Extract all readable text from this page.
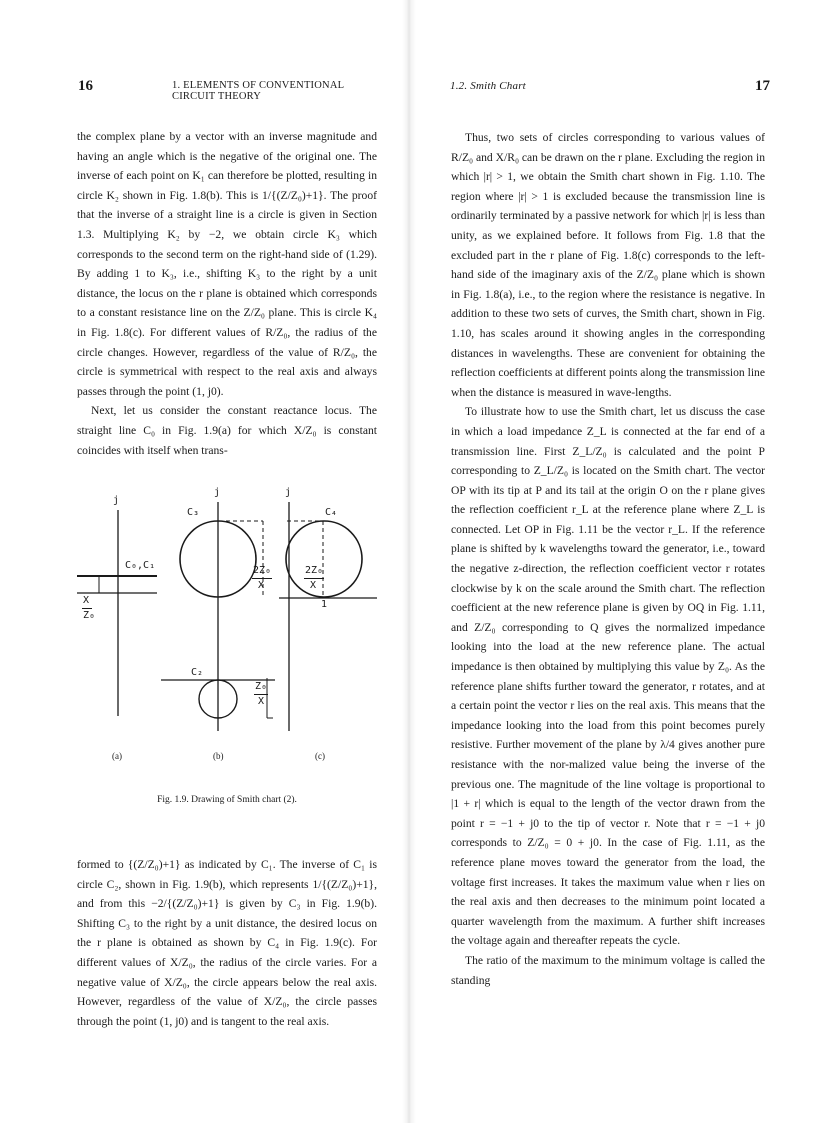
16	1. ELEMENTS OF CONVENTIONAL CIRCUIT THEORY

the complex plane by a vector with an inverse magnitude and having an angle which is the negative of the original one. The inverse of each point on K₁ can therefore be plotted, resulting in circle K₂ shown in Fig. 1.8(b). This is 1/{(Z/Z₀)+1}. The proof that the inverse of a straight line is a circle is given in Section 1.3. Multiplying K₂ by −2, we obtain circle K₃ which corresponds to the second term on the right-hand side of (1.29). By adding 1 to K₃, i.e., shifting K₃ to the right by a unit distance, the locus on the r plane is obtained which corresponds to a constant resistance line on the Z/Z₀ plane. This is circle K₄ in Fig. 1.8(c). For different values of R/Z₀, the radius of the circle changes. However, regardless of the value of R/Z₀, the circle is symmetrical with respect to the real axis and always passes through the point (1, j0).

Next, let us consider the constant reactance locus. The straight line C₀ in Fig. 1.9(a) for which X/Z₀ is constant coincides with itself when trans-

j
C₀,C₁
X
Z₀
j
C₃
C₂
2Z₀
X
Z₀
X
j
C₄
2Z₀
X
1
(a)	(b)	(c)
Fig. 1.9. Drawing of Smith chart (2).

formed to {(Z/Z₀)+1} as indicated by C₁. The inverse of C₁ is circle C₂, shown in Fig. 1.9(b), which represents 1/{(Z/Z₀)+1}, and from this −2/{(Z/Z₀)+1} is given by C₃ in Fig. 1.9(b). Shifting C₃ to the right by a unit distance, the desired locus on the r plane is obtained as shown by C₄ in Fig. 1.9(c). For different values of X/Z₀, the radius of the circle varies. For a negative value of X/Z₀, the circle appears below the real axis. However, regardless of the value of X/Z₀, the circle passes through the point (1, j0) and is tangent to the real axis.

1.2. Smith Chart	17

Thus, two sets of circles corresponding to various values of R/Z₀ and X/R₀ can be drawn on the r plane. Excluding the region in which |r| > 1, we obtain the Smith chart shown in Fig. 1.10. The region where |r| > 1 is excluded because the transmission line is ordinarily terminated by a passive network for which |r| is less than unity, as we explained before. It follows from Fig. 1.8 that the excluded part in the r plane of Fig. 1.8(c) corresponds to the left-hand side of the imaginary axis of the Z/Z₀ plane which is shown in Fig. 1.8(a), i.e., to the region where the resistance is negative. In addition to these two sets of curves, the Smith chart, shown in Fig. 1.10, has scales around it showing angles in the corresponding distances in wavelengths. These are convenient for obtaining the reflection coefficients at different points along the transmission line when the distance is measured in wave-lengths.

To illustrate how to use the Smith chart, let us discuss the case in which a load impedance Z_L is connected at the far end of a transmission line. First Z_L/Z₀ is calculated and the point P corresponding to Z_L/Z₀ is located on the Smith chart. The vector OP with its tip at P and its tail at the origin O on the r plane gives the reflection coefficient r_L at the reference plane where Z_L is connected. Let OP in Fig. 1.11 be the vector r_L. If the reference plane is shifted by k wavelengths toward the generator, i.e., toward the negative z-direction, the reflection coefficient vector r rotates clockwise by k on the scale around the Smith chart. The reflection coefficient at the new reference plane is given by OQ in Fig. 1.11, and Z/Z₀ corresponding to Q gives the normalized impedance looking into the load at the new reference plane. The actual impedance is then obtained by multiplying this value by Z₀. As the reference plane shifts further toward the generator, r rotates, and at a certain point the vector r lies on the real axis. This means that the impedance looking into the load from this point becomes purely resistive. Further movement of the plane by λ/4 gives another pure resistance with the nor-malized value being the inverse of the previous one. The magnitude of the line voltage is proportional to |1 + r| which is equal to the length of the vector drawn from the point r = −1 + j0 to the tip of vector r. Note that r = −1 + j0 corresponds to Z/Z₀ = 0 + j0. In the case of Fig. 1.11, as the reference plane moves toward the generator from the load, the voltage first increases. It takes the maximum value when r lies on the real axis and then decreases to the minimum point located a quarter wavelength from the maximum. A further shift increases the voltage again and thereafter repeats the cycle.

The ratio of the maximum to the minimum voltage is called the standing
